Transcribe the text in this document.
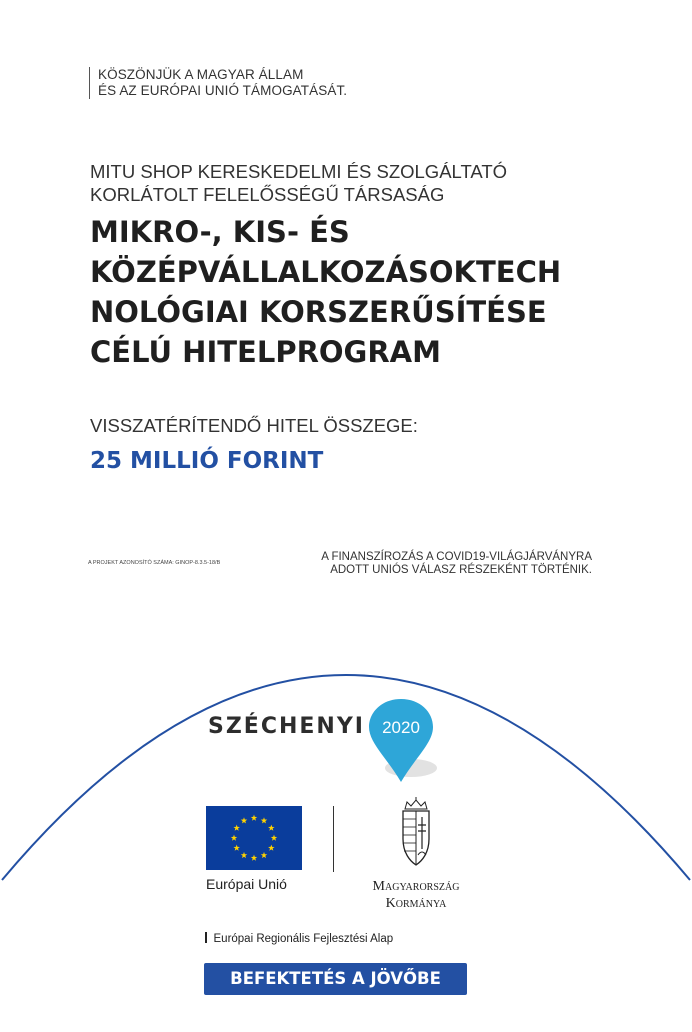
KÖSZÖNJÜK A MAGYAR ÁLLAM
ÉS AZ EURÓPAI UNIÓ TÁMOGATÁSÁT.
MITU SHOP KERESKEDELMI ÉS SZOLGÁLTATÓ
KORLÁTOLT FELELŐSSÉGŰ TÁRSASÁG
MIKRO-, KIS- ÉS
KÖZÉPVÁLLALKOZÁSOKTECH
NOLÓGIAI KORSZERŰSÍTÉSE
CÉLÚ HITELPROGRAM
VISSZATÉRÍTENDŐ HITEL ÖSSZEGE:
25 MILLIÓ FORINT
A PROJEKT AZONOSÍTÓ SZÁMA: GINOP-8.3.5-18/B	A FINANSZÍROZÁS A COVID19-VILÁGJÁRVÁNYRA
ADOTT UNIÓS VÁLASZ RÉSZEKÉNT TÖRTÉNIK.
SZÉCHENYI 2020
Európai Unió	Magyarország
Kormánya
Európai Regionális Fejlesztési Alap
BEFEKTETÉS A JÖVŐBE
